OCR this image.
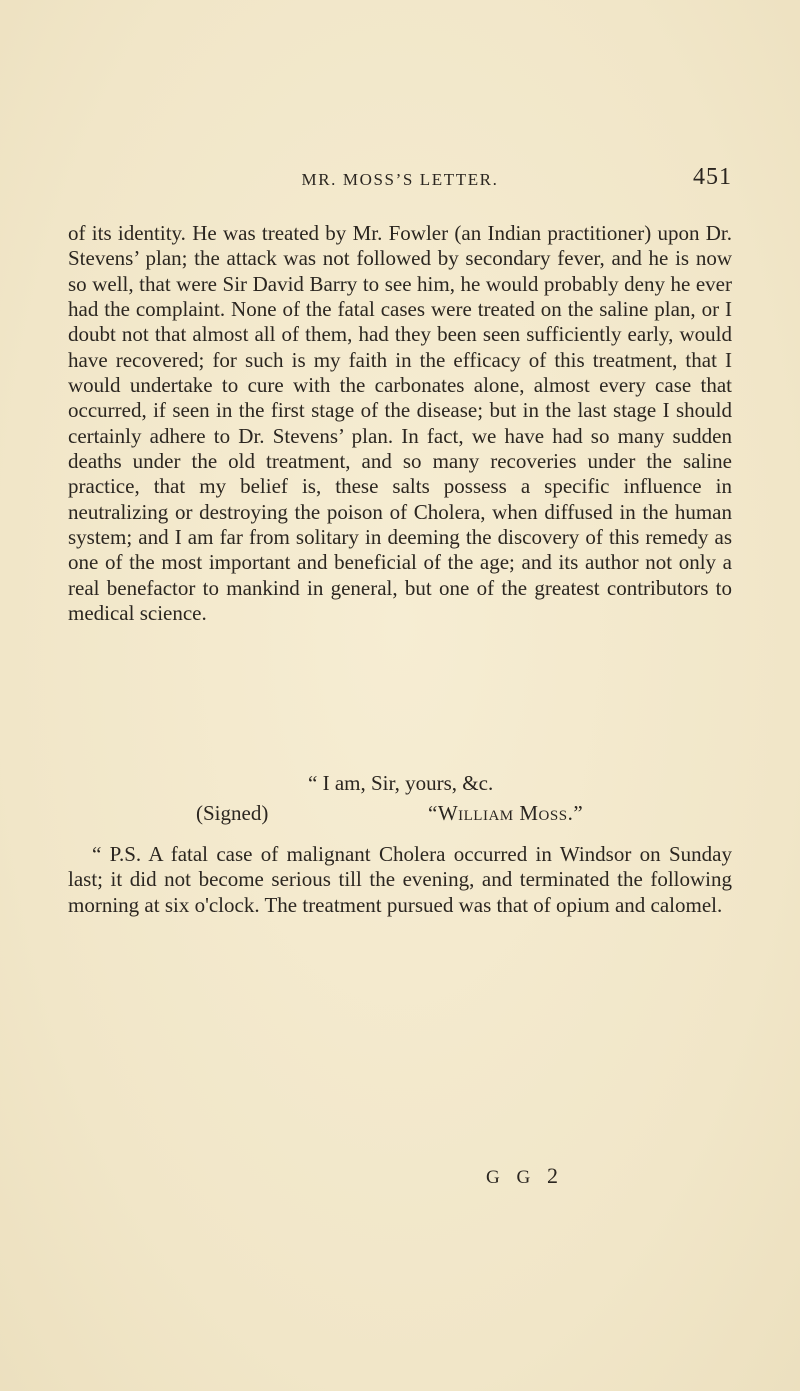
MR. MOSS’S LETTER.	451

of its identity. He was treated by Mr. Fowler (an Indian practitioner) upon Dr. Stevens’ plan; the attack was not followed by secondary fever, and he is now so well, that were Sir David Barry to see him, he would probably deny he ever had the complaint. None of the fatal cases were treated on the saline plan, or I doubt not that almost all of them, had they been seen sufficiently early, would have recovered; for such is my faith in the efficacy of this treatment, that I would undertake to cure with the carbonates alone, almost every case that occurred, if seen in the first stage of the disease; but in the last stage I should certainly adhere to Dr. Stevens’ plan. In fact, we have had so many sudden deaths under the old treatment, and so many recoveries under the saline practice, that my belief is, these salts possess a specific influence in neutralizing or destroying the poison of Cholera, when diffused in the human system; and I am far from solitary in deeming the discovery of this remedy as one of the most important and beneficial of the age; and its author not only a real benefactor to mankind in general, but one of the greatest contributors to medical science.

“ I am, Sir, yours, &c.
(Signed)	“William Moss.”

“ P.S. A fatal case of malignant Cholera occurred in Windsor on Sunday last; it did not become serious till the evening, and terminated the following morning at six o'clock. The treatment pursued was that of opium and calomel.

G G 2
